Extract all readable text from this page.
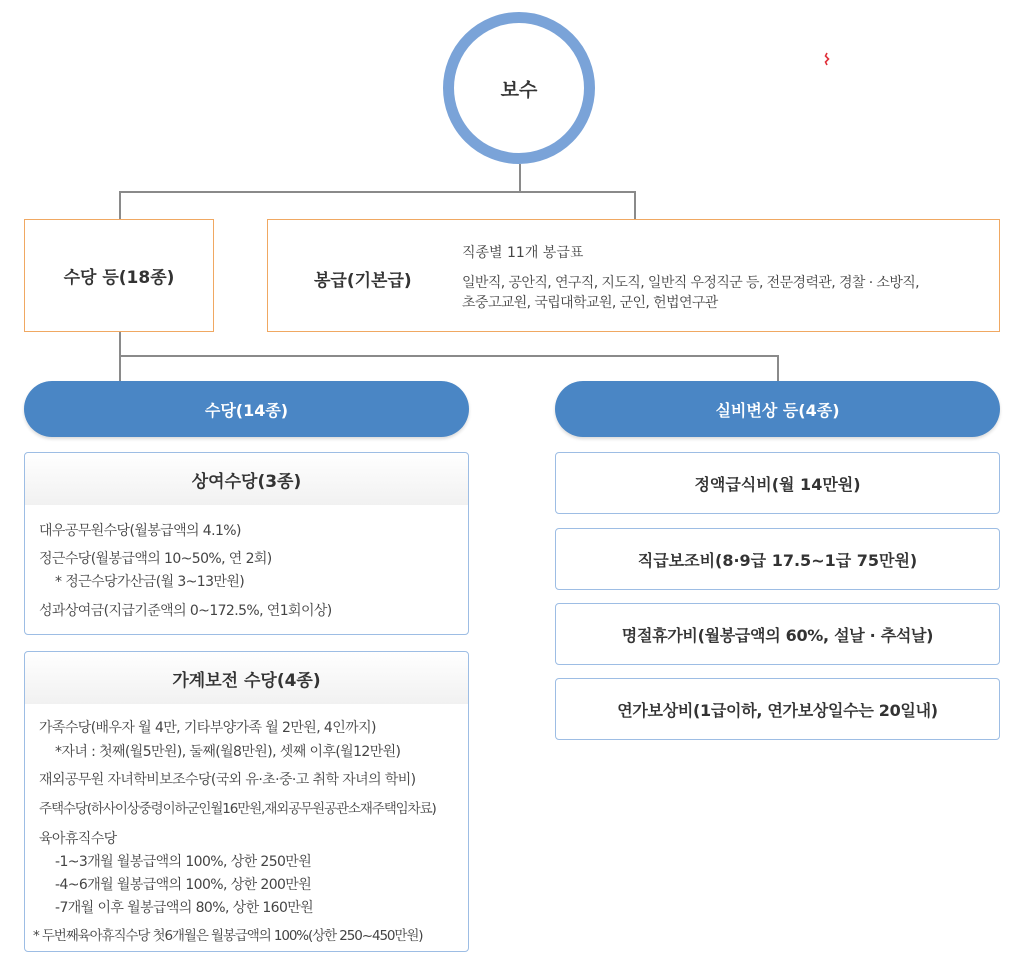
보수
수당 등(18종)	봉급(기본급)
직종별 11개 봉급표
일반직, 공안직, 연구직, 지도직, 일반직 우정직군 등, 전문경력관, 경찰 · 소방직,
초중고교원, 국립대학교원, 군인, 헌법연구관
수당(14종)	실비변상 등(4종)
상여수당(3종)
대우공무원수당(월봉급액의 4.1%)
정근수당(월봉급액의 10~50%, 연 2회)
* 정근수당가산금(월 3~13만원)
성과상여금(지급기준액의 0~172.5%, 연1회이상)
가계보전 수당(4종)
가족수당(배우자 월 4만, 기타부양가족 월 2만원, 4인까지)
*자녀 : 첫째(월5만원), 둘째(월8만원), 셋째 이후(월12만원)
재외공무원 자녀학비보조수당(국외 유·초·중·고 취학 자녀의 학비)
주택수당(하사이상중령이하군인월16만원,재외공무원공관소재주택임차료)
육아휴직수당
-1~3개월 월봉급액의 100%, 상한 250만원
-4~6개월 월봉급액의 100%, 상한 200만원
-7개월 이후 월봉급액의 80%, 상한 160만원
* 두번째육아휴직수당 첫6개월은 월봉급액의 100%(상한 250~450만원)
정액급식비(월 14만원)
직급보조비(8·9급 17.5~1급 75만원)
명절휴가비(월봉급액의 60%, 설날 · 추석날)
연가보상비(1급이하, 연가보상일수는 20일내)
